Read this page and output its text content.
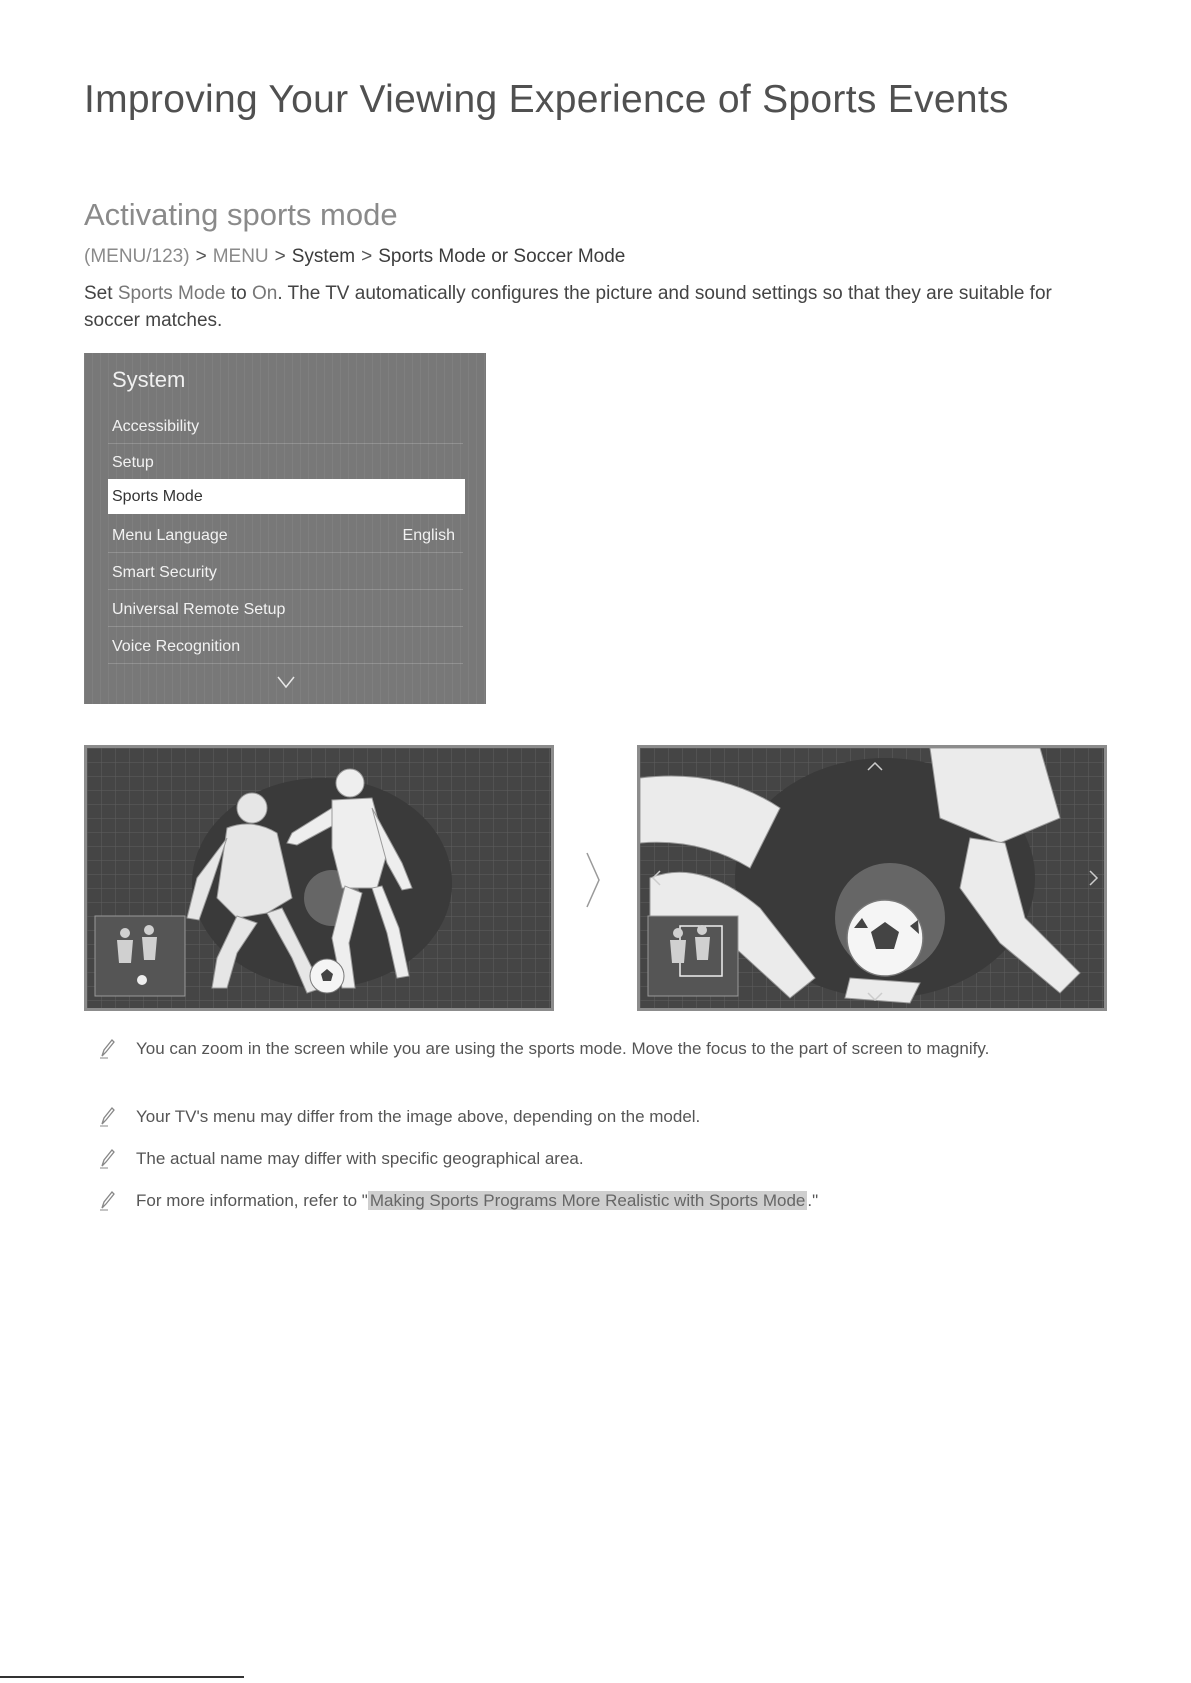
Improving Your Viewing Experience of Sports Events
Activating sports mode
(MENU/123) > MENU > System > Sports Mode or Soccer Mode
Set Sports Mode to On. The TV automatically configures the picture and sound settings so that they are suitable for soccer matches.
System
Accessibility
Setup
Sports Mode
Menu Language	English
Smart Security
Universal Remote Setup
Voice Recognition
You can zoom in the screen while you are using the sports mode. Move the focus to the part of screen to magnify.
Your TV's menu may differ from the image above, depending on the model.
The actual name may differ with specific geographical area.
For more information, refer to " Making Sports Programs More Realistic with Sports Mode ."
